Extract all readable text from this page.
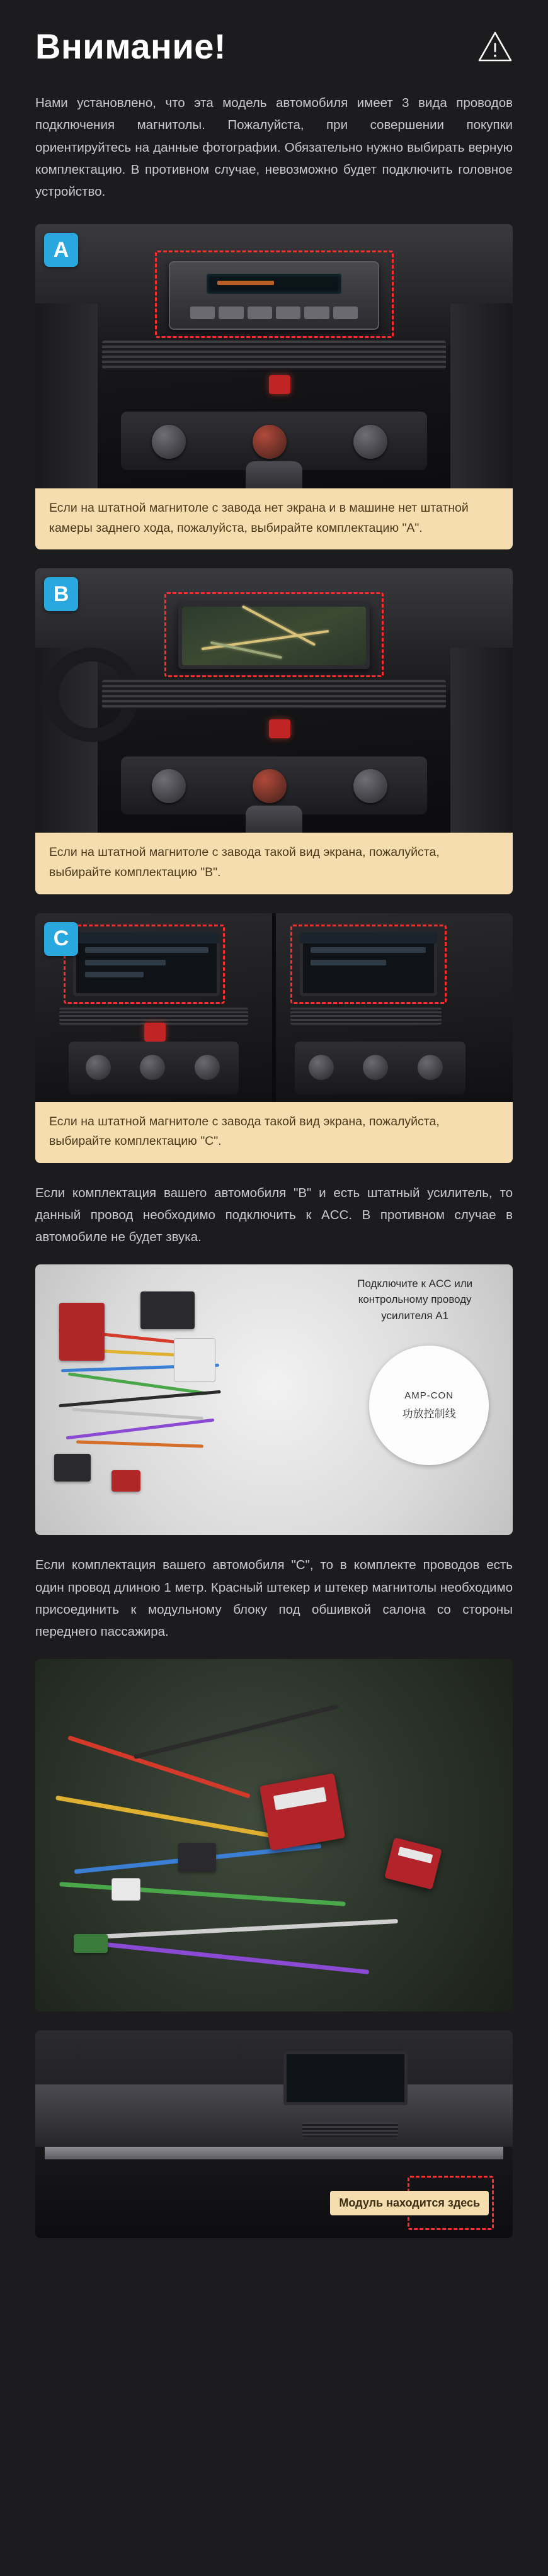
Внимание!

Нами установлено, что эта модель автомобиля имеет 3 вида проводов подключения магнитолы. Пожалуйста, при совершении покупки ориентируйтесь на данные фотографии. Обязательно нужно выбирать верную комплектацию. В противном случае, невозможно будет подключить головное устройство.

A
Если на штатной магнитоле с завода нет экрана и в машине нет штатной камеры заднего хода, пожалуйста, выбирайте комплектацию "A".
B
Если на штатной магнитоле с завода такой вид экрана, пожалуйста, выбирайте комплектацию "B".
C
Если на штатной магнитоле с завода такой вид экрана, пожалуйста, выбирайте комплектацию "C".

Если комплектация вашего автомобиля "B" и есть штатный усилитель, то данный провод необходимо подключить к ACC. В противном случае в автомобиле не будет звука.

Подключите к ACC или контрольному проводу усилителя A1
AMP-CON
功放控制线

Если комплектация вашего автомобиля "C", то в комплекте проводов есть один провод длиною 1 метр. Красный штекер и штекер магнитолы необходимо присоединить к модульному блоку под обшивкой салона со стороны переднего пассажира.

Модуль находится здесь
